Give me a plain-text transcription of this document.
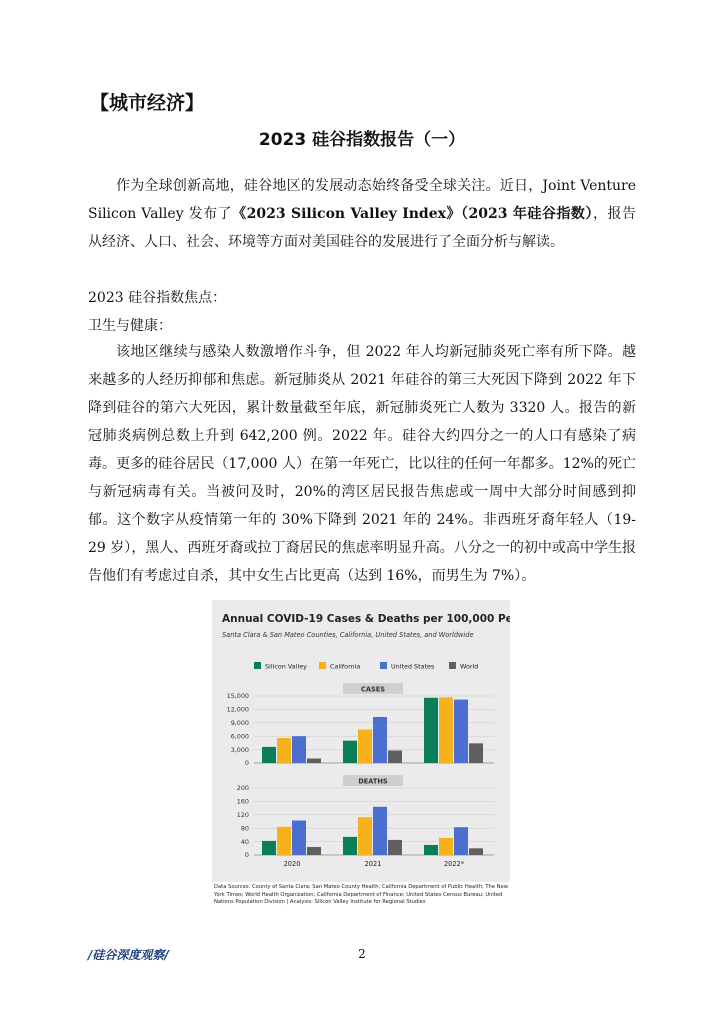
【城市经济】
2023 硅谷指数报告（一）

作为全球创新高地，硅谷地区的发展动态始终备受全球关注。近日，Joint Venture Silicon Valley 发布了《2023 Silicon Valley Index》（2023 年硅谷指数），报告从经济、人口、社会、环境等方面对美国硅谷的发展进行了全面分析与解读。

2023 硅谷指数焦点：
卫生与健康：

该地区继续与感染人数激增作斗争，但 2022 年人均新冠肺炎死亡率有所下降。越来越多的人经历抑郁和焦虑。新冠肺炎从 2021 年硅谷的第三大死因下降到 2022 年下降到硅谷的第六大死因，累计数量截至年底，新冠肺炎死亡人数为 3320 人。报告的新冠肺炎病例总数上升到 642,200 例。2022 年。硅谷大约四分之一的人口有感染了病毒。更多的硅谷居民（17,000 人）在第一年死亡，比以往的任何一年都多。12%的死亡与新冠病毒有关。当被问及时，20%的湾区居民报告焦虑或一周中大部分时间感到抑郁。这个数字从疫情第一年的 30%下降到 2021 年的 24%。非西班牙裔年轻人（19-29 岁），黑人、西班牙裔或拉丁裔居民的焦虑率明显升高。八分之一的初中或高中学生报告他们有考虑过自杀，其中女生占比更高（达到 16%，而男生为 7%）。

Annual COVID-19 Cases & Deaths per 100,000 People
Santa Clara & San Mateo Counties, California, United States, and Worldwide
Silicon Valley	California	United States	World
0
3,000
6,000
9,000
12,000
15,000
CASES
0
40
80
120
160
200
DEATHS
2020	2021	2022*
Data Sources: County of Santa Clara; San Mateo County Health; California Department of Public Health; The New York Times; World Health Organization; California Department of Finance; United States Census Bureau; United Nations Population Division | Analysis: Silicon Valley Institute for Regional Studies
/硅谷深度观察/	2
